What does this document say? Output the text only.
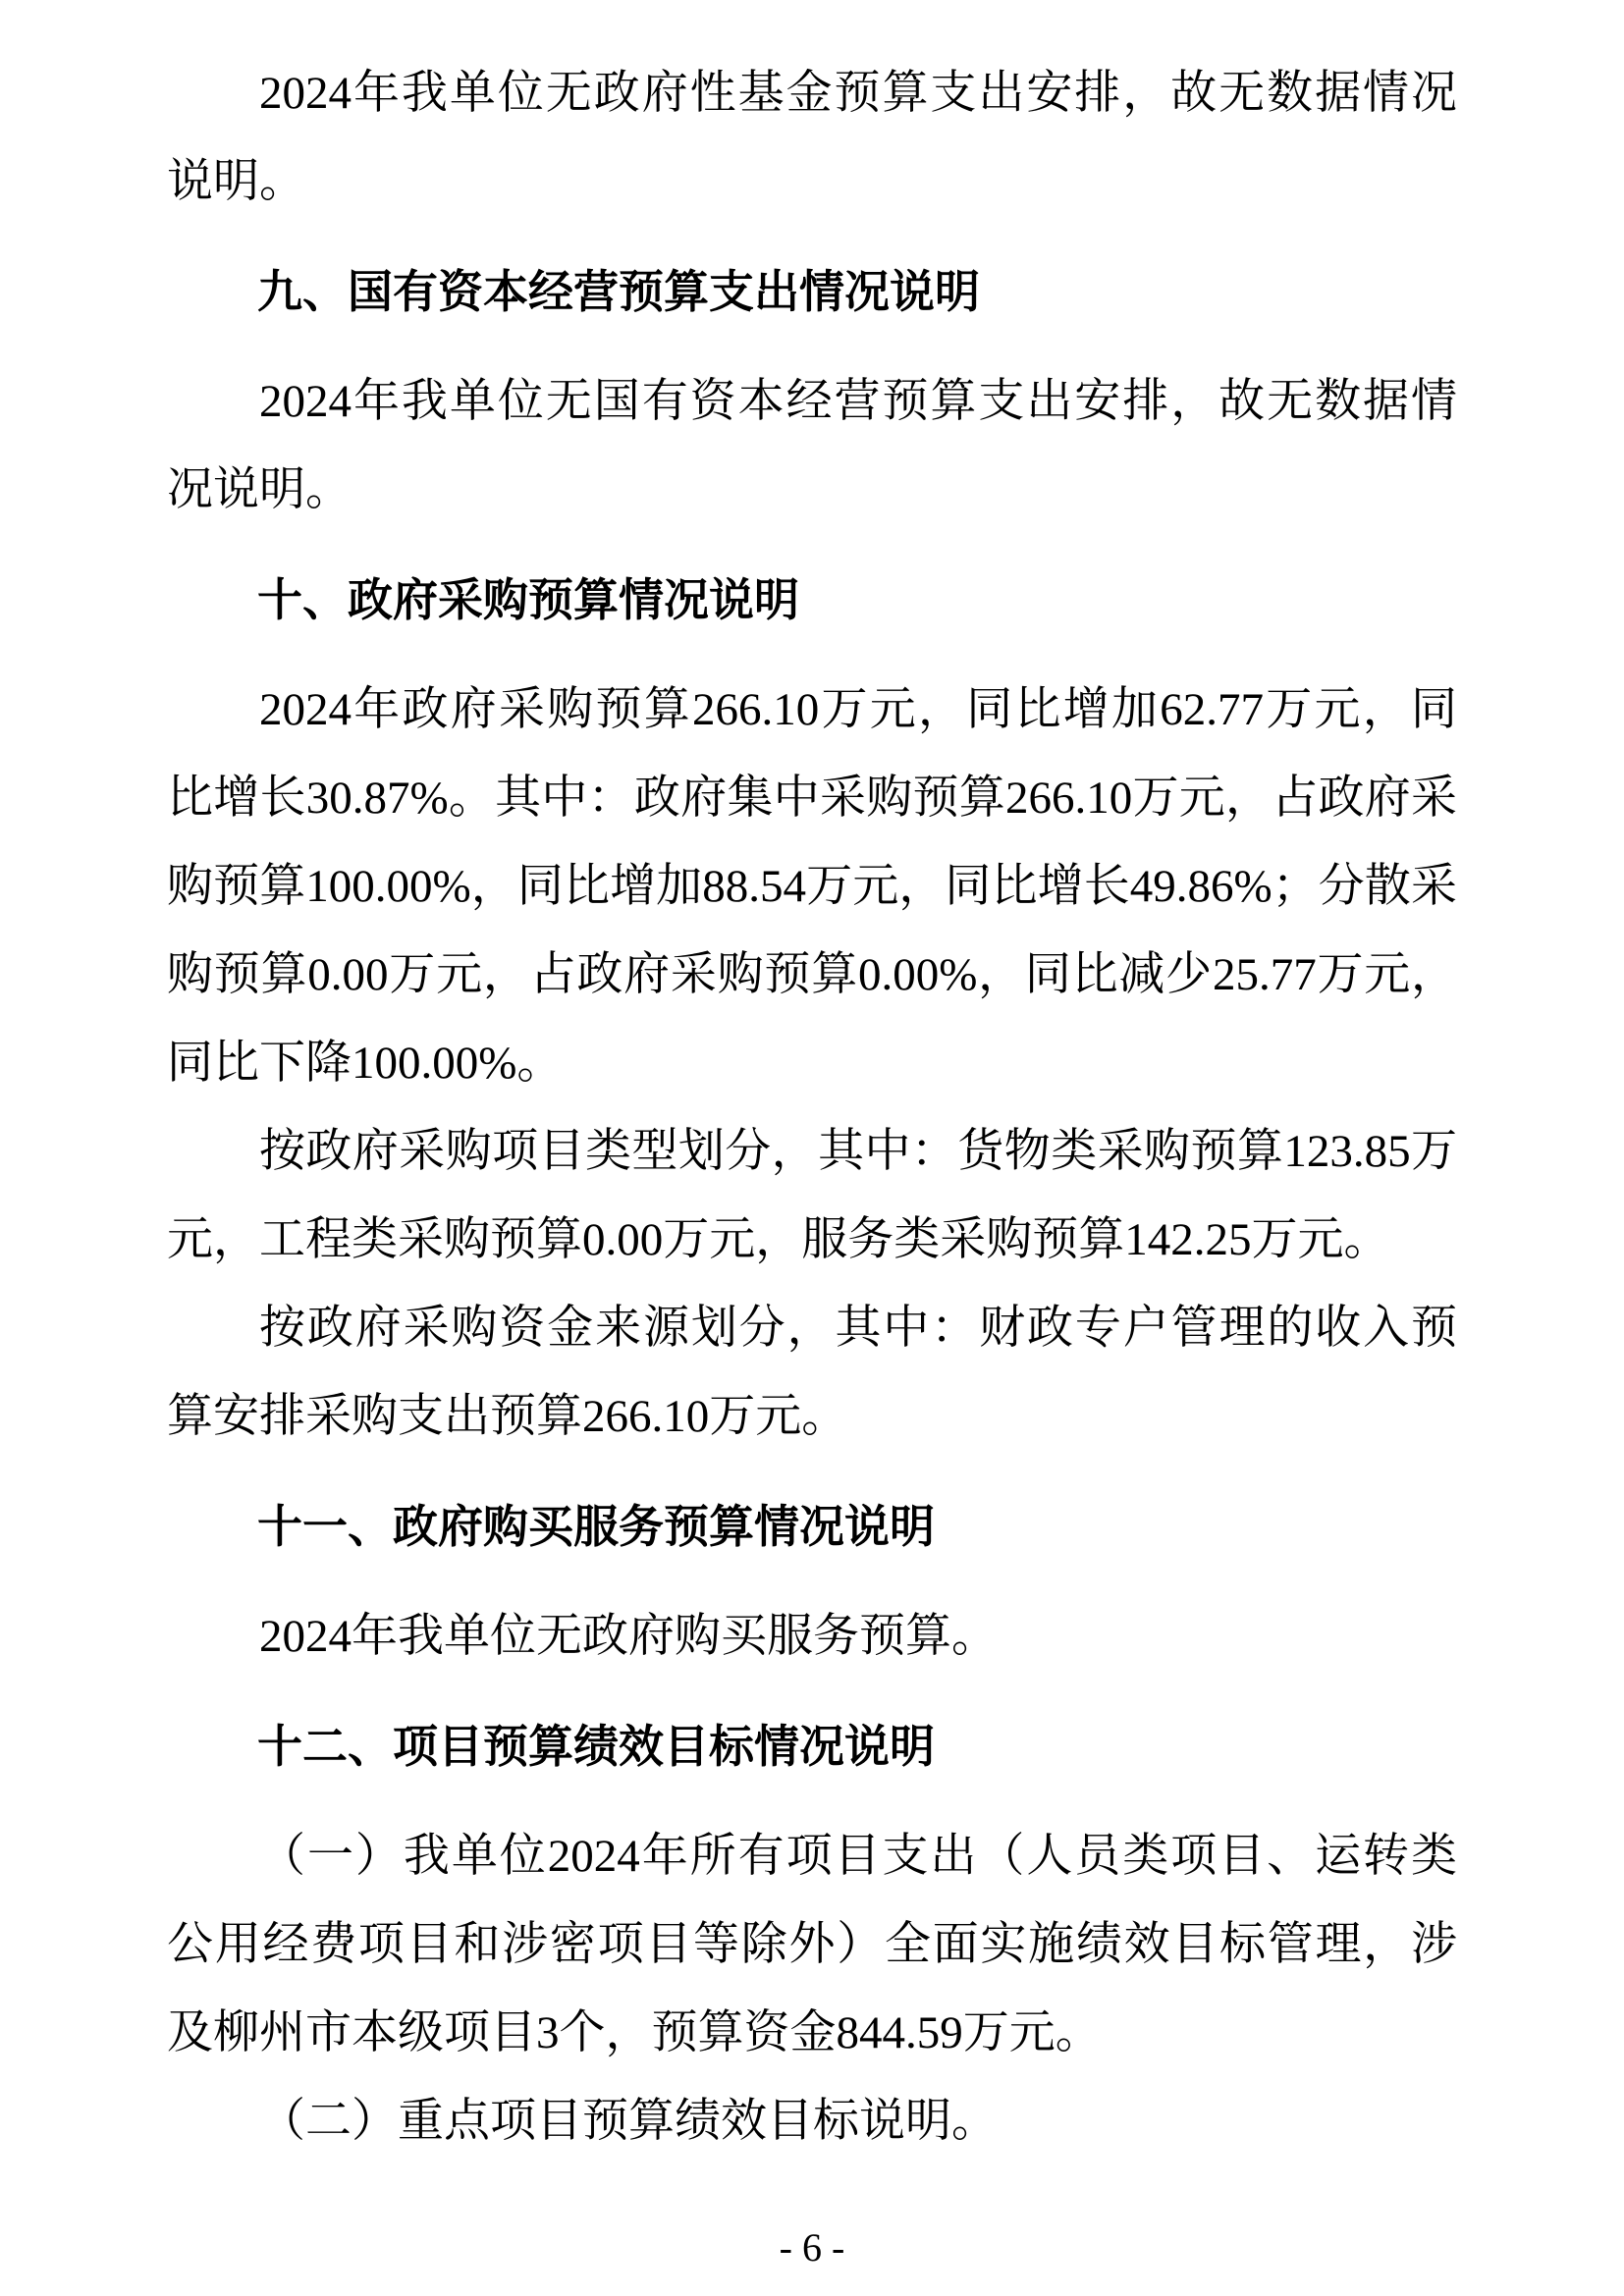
2024年我单位无政府性基金预算支出安排，故无数据情况说明。

九、国有资本经营预算支出情况说明

2024年我单位无国有资本经营预算支出安排，故无数据情况说明。

十、政府采购预算情况说明

2024年政府采购预算266.10万元，同比增加62.77万元，同比增长30.87%。其中：政府集中采购预算266.10万元，占政府采购预算100.00%，同比增加88.54万元，同比增长49.86%；分散采购预算0.00万元，占政府采购预算0.00%，同比减少25.77万元，同比下降100.00%。

按政府采购项目类型划分，其中：货物类采购预算123.85万元，工程类采购预算0.00万元，服务类采购预算142.25万元。

按政府采购资金来源划分，其中：财政专户管理的收入预算安排采购支出预算266.10万元。

十一、政府购买服务预算情况说明

2024年我单位无政府购买服务预算。

十二、项目预算绩效目标情况说明

（一）我单位2024年所有项目支出（人员类项目、运转类公用经费项目和涉密项目等除外）全面实施绩效目标管理，涉及柳州市本级项目3个，预算资金844.59万元。

（二）重点项目预算绩效目标说明。

- 6 -
